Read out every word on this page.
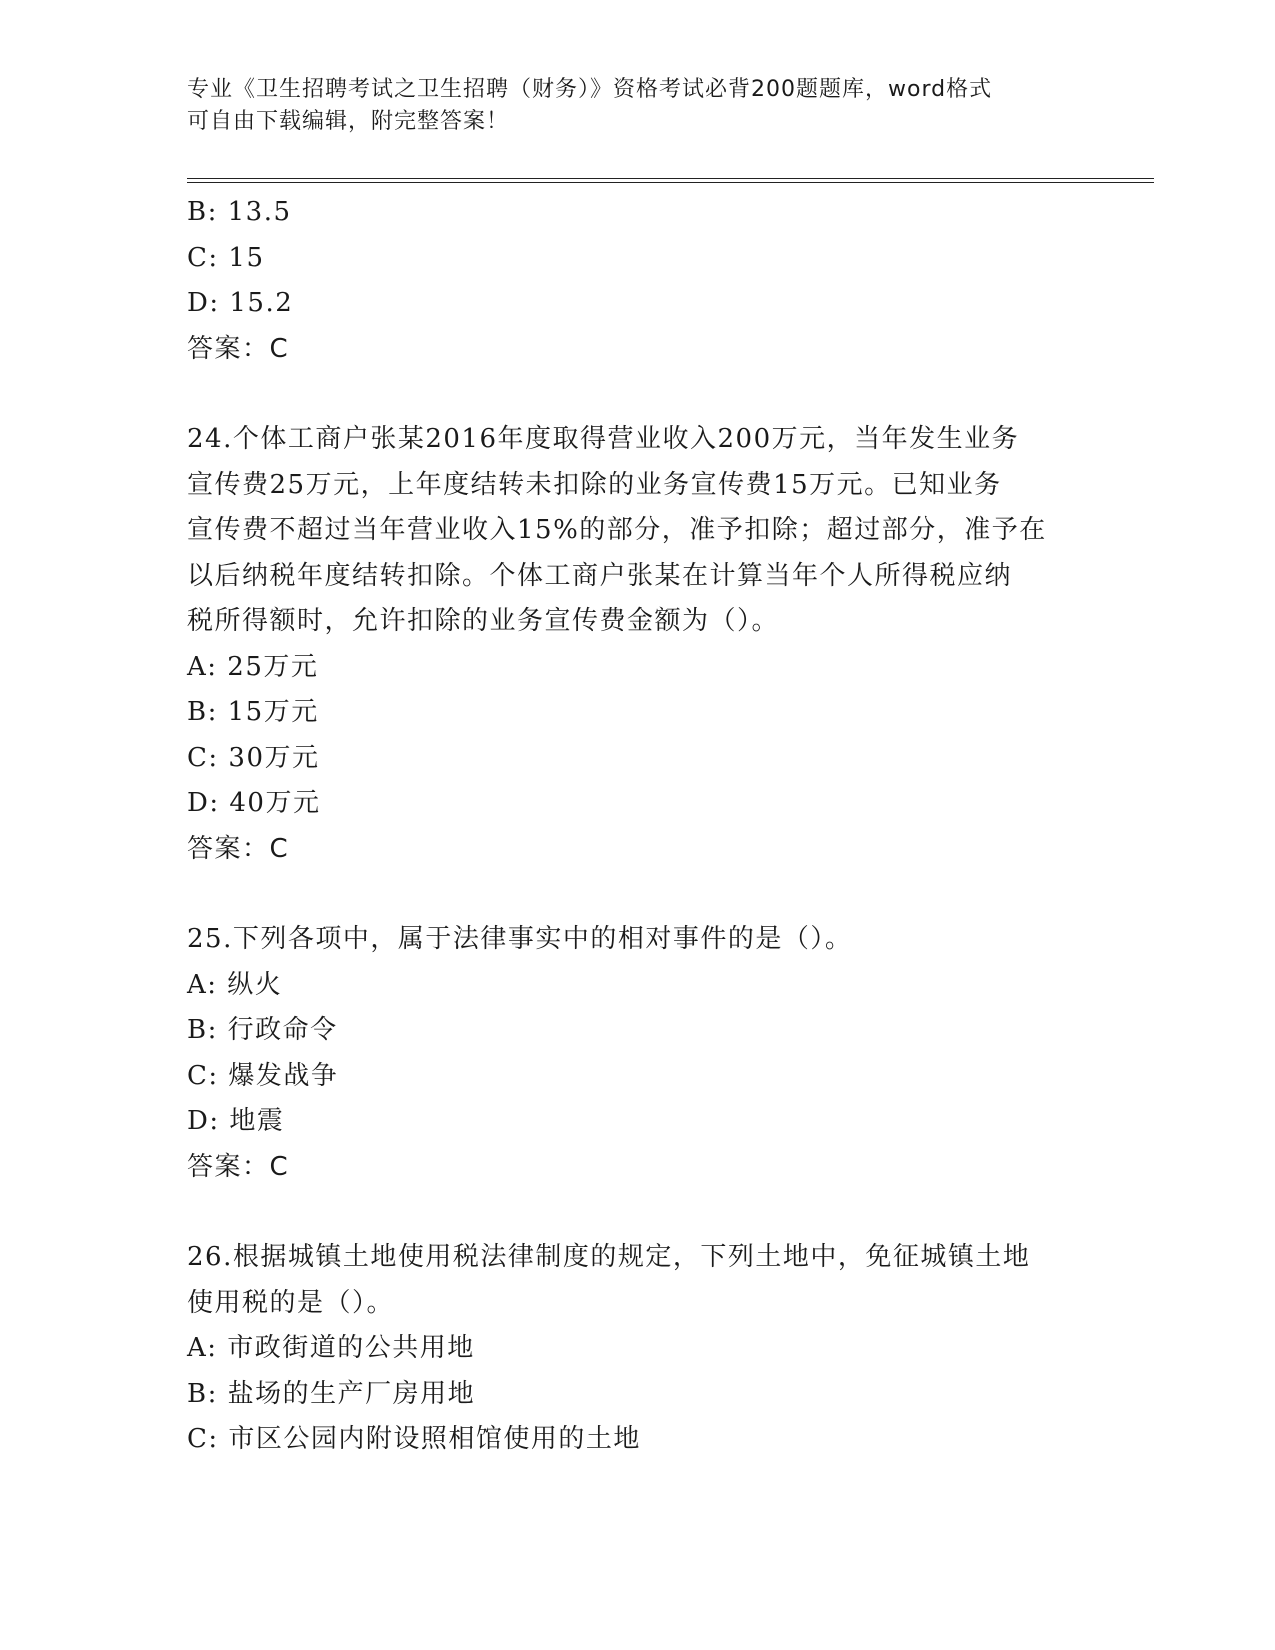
专业《卫生招聘考试之卫生招聘（财务）》资格考试必背200题题库，word格式
可自由下载编辑，附完整答案！
B: 13.5
C: 15
D: 15.2
答案：C
24.个体工商户张某2016年度取得营业收入200万元，当年发生业务
宣传费25万元，上年度结转未扣除的业务宣传费15万元。已知业务
宣传费不超过当年营业收入15%的部分，准予扣除；超过部分，准予在
以后纳税年度结转扣除。个体工商户张某在计算当年个人所得税应纳
税所得额时，允许扣除的业务宣传费金额为（）。
A: 25万元
B: 15万元
C: 30万元
D: 40万元
答案：C
25.下列各项中，属于法律事实中的相对事件的是（）。
A: 纵火
B: 行政命令
C: 爆发战争
D: 地震
答案：C
26.根据城镇土地使用税法律制度的规定，下列土地中，免征城镇土地
使用税的是（）。
A: 市政街道的公共用地
B: 盐场的生产厂房用地
C: 市区公园内附设照相馆使用的土地
